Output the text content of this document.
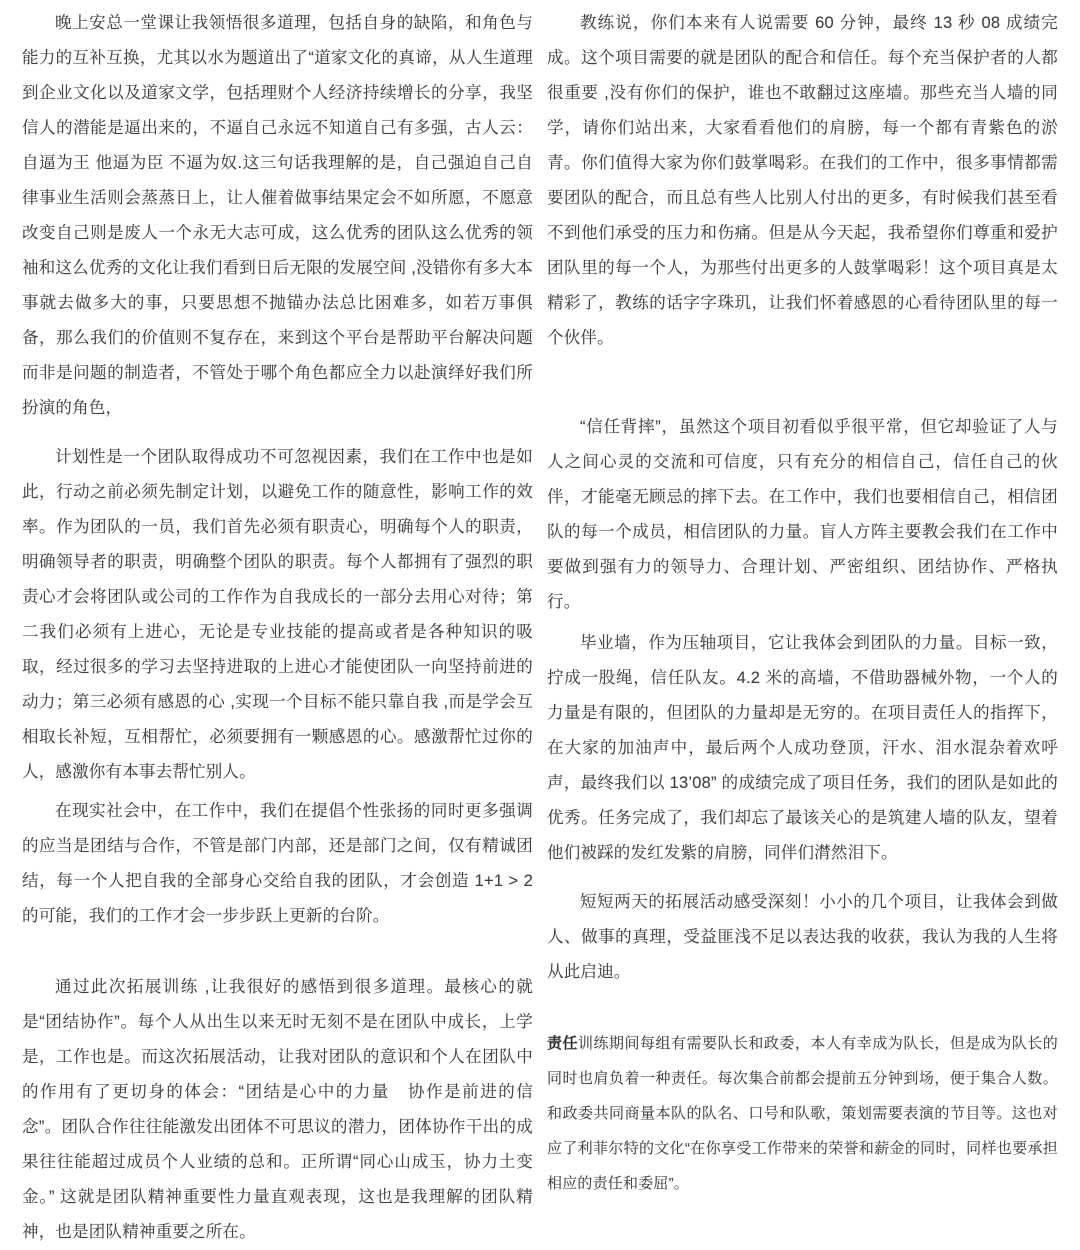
晚上安总一堂课让我领悟很多道理，包括自身的缺陷，和角色与能力的互补互换，尤其以水为题道出了“道家文化的真谛，从人生道理到企业文化以及道家文学，包括理财个人经济持续增长的分享，我坚信人的潜能是逼出来的，不逼自己永远不知道自己有多强，古人云：自逼为王 他逼为臣 不逼为奴.这三句话我理解的是，自己强迫自己自律事业生活则会蒸蒸日上，让人催着做事结果定会不如所愿，不愿意改变自己则是废人一个永无大志可成，这么优秀的团队这么优秀的领袖和这么优秀的文化让我们看到日后无限的发展空间 ,没错你有多大本事就去做多大的事，只要思想不抛锚办法总比困难多，如若万事俱备，那么我们的价值则不复存在，来到这个平台是帮助平台解决问题而非是问题的制造者，不管处于哪个角色都应全力以赴演绎好我们所扮演的角色，

计划性是一个团队取得成功不可忽视因素，我们在工作中也是如此，行动之前必须先制定计划，以避免工作的随意性，影响工作的效率。作为团队的一员，我们首先必须有职责心，明确每个人的职责，明确领导者的职责，明确整个团队的职责。每个人都拥有了强烈的职责心才会将团队或公司的工作作为自我成长的一部分去用心对待；第二我们必须有上进心，无论是专业技能的提高或者是各种知识的吸取，经过很多的学习去坚持进取的上进心才能使团队一向坚持前进的动力；第三必须有感恩的心 ,实现一个目标不能只靠自我 ,而是学会互相取长补短，互相帮忙，必须要拥有一颗感恩的心。感激帮忙过你的人，感激你有本事去帮忙别人。

在现实社会中，在工作中，我们在提倡个性张扬的同时更多强调的应当是团结与合作，不管是部门内部，还是部门之间，仅有精诚团结，每一个人把自我的全部身心交给自我的团队，才会创造 1+1 > 2 的可能，我们的工作才会一步步跃上更新的台阶。

通过此次拓展训练 ,让我很好的感悟到很多道理。最核心的就是“团结协作”。每个人从出生以来无时无刻不是在团队中成长，上学是，工作也是。而这次拓展活动，让我对团队的意识和个人在团队中的作用有了更切身的体会：“团结是心中的力量　协作是前进的信念”。团队合作往往能激发出团体不可思议的潜力，团体协作干出的成果往往能超过成员个人业绩的总和。正所谓“同心山成玉，协力土变金。” 这就是团队精神重要性力量直观表现，这也是我理解的团队精神，也是团队精神重要之所在。

教练说，你们本来有人说需要 60 分钟，最终 13 秒 08 成绩完成。这个项目需要的就是团队的配合和信任。每个充当保护者的人都很重要 ,没有你们的保护，谁也不敢翻过这座墙。那些充当人墙的同学，请你们站出来，大家看看他们的肩膀，每一个都有青紫色的淤青。你们值得大家为你们鼓掌喝彩。在我们的工作中，很多事情都需要团队的配合，而且总有些人比别人付出的更多，有时候我们甚至看不到他们承受的压力和伤痛。但是从今天起，我希望你们尊重和爱护团队里的每一个人，为那些付出更多的人鼓掌喝彩！这个项目真是太精彩了，教练的话字字珠玑，让我们怀着感恩的心看待团队里的每一个伙伴。

“信任背摔”，虽然这个项目初看似乎很平常，但它却验证了人与人之间心灵的交流和可信度，只有充分的相信自己，信任自己的伙伴，才能毫无顾忌的摔下去。在工作中，我们也要相信自己，相信团队的每一个成员，相信团队的力量。盲人方阵主要教会我们在工作中要做到强有力的领导力、合理计划、严密组织、团结协作、严格执行。

毕业墙，作为压轴项目，它让我体会到团队的力量。目标一致，拧成一股绳，信任队友。4.2 米的高墙，不借助器械外物，一个人的力量是有限的，但团队的力量却是无穷的。在项目责任人的指挥下，在大家的加油声中，最后两个人成功登顶，汗水、泪水混杂着欢呼声，最终我们以 13’08” 的成绩完成了项目任务，我们的团队是如此的优秀。任务完成了，我们却忘了最该关心的是筑建人墙的队友，望着他们被踩的发红发紫的肩膀，同伴们潸然泪下。

短短两天的拓展活动感受深刻！小小的几个项目，让我体会到做人、做事的真理，受益匪浅不足以表达我的收获，我认为我的人生将从此启迪。

责任训练期间每组有需要队长和政委，本人有幸成为队长，但是成为队长的同时也肩负着一种责任。每次集合前都会提前五分钟到场，便于集合人数。和政委共同商量本队的队名、口号和队歌，策划需要表演的节目等。这也对应了利菲尔特的文化“在你享受工作带来的荣誉和薪金的同时，同样也要承担相应的责任和委屈”。
